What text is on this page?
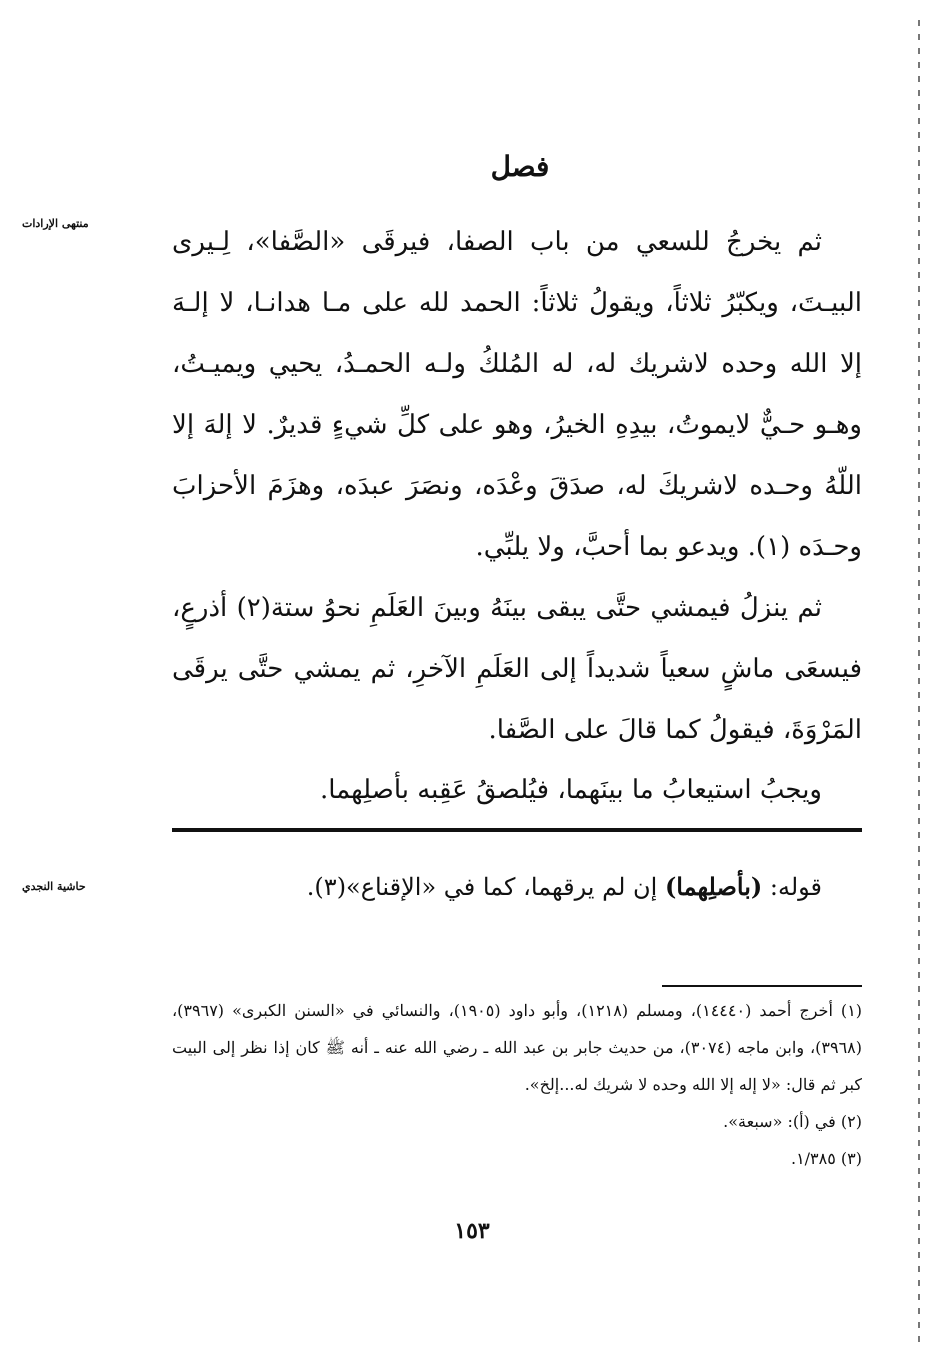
فصل
منتهى الإرادات

ثم يخرجُ للسعي من باب الصفا، فيرقَى «الصَّفا»، لِـيرى البيـتَ، ويكبّرُ ثلاثاً، ويقولُ ثلاثاً: الحمد لله على مـا هدانـا، لا إلـهَ إلا الله وحده لاشريك له، له المُلكُ ولـه الحمـدُ، يحيي ويميـتُ، وهـو حـيٌّ لايموتُ، بيدِهِ الخيرُ، وهو على كلِّ شيءٍ قديرٌ. لا إلهَ إلا اللّهُ وحـده لاشريكَ له، صدَقَ وعْدَه، ونصَرَ عبدَه، وهزَمَ الأحزابَ وحـدَه (١). ويدعو بما أحبَّ، ولا يلبِّي.

ثم ينزلُ فيمشي حتَّى يبقى بينَهُ وبينَ العَلَمِ نحوُ ستة(٢) أذرعٍ، فيسعَى ماشٍ سعياً شديداً إلى العَلَمِ الآخرِ، ثم يمشي حتَّى يرقَى المَرْوَةَ، فيقولُ كما قالَ على الصَّفا.

ويجبُ استيعابُ ما بينَهما، فيُلصقُ عَقِبه بأصلِهما.

حاشية النجدي	قوله: (بأصلِهما) إن لم يرقهما، كما في «الإقناع»(٣).

(١) أخرج أحمد (١٤٤٤٠)، ومسلم (١٢١٨)، وأبو داود (١٩٠٥)، والنسائي في «السنن الكبرى» (٣٩٦٧)، (٣٩٦٨)، وابن ماجه (٣٠٧٤)، من حديث جابر بن عبد الله ـ رضي الله عنه ـ أنه ﷺ كان إذا نظر إلى البيت كبر ثم قال: «لا إله إلا الله وحده لا شريك له...إلخ».

(٢) في (أ): «سبعة».

(٣) ١/٣٨٥.

١٥٣
